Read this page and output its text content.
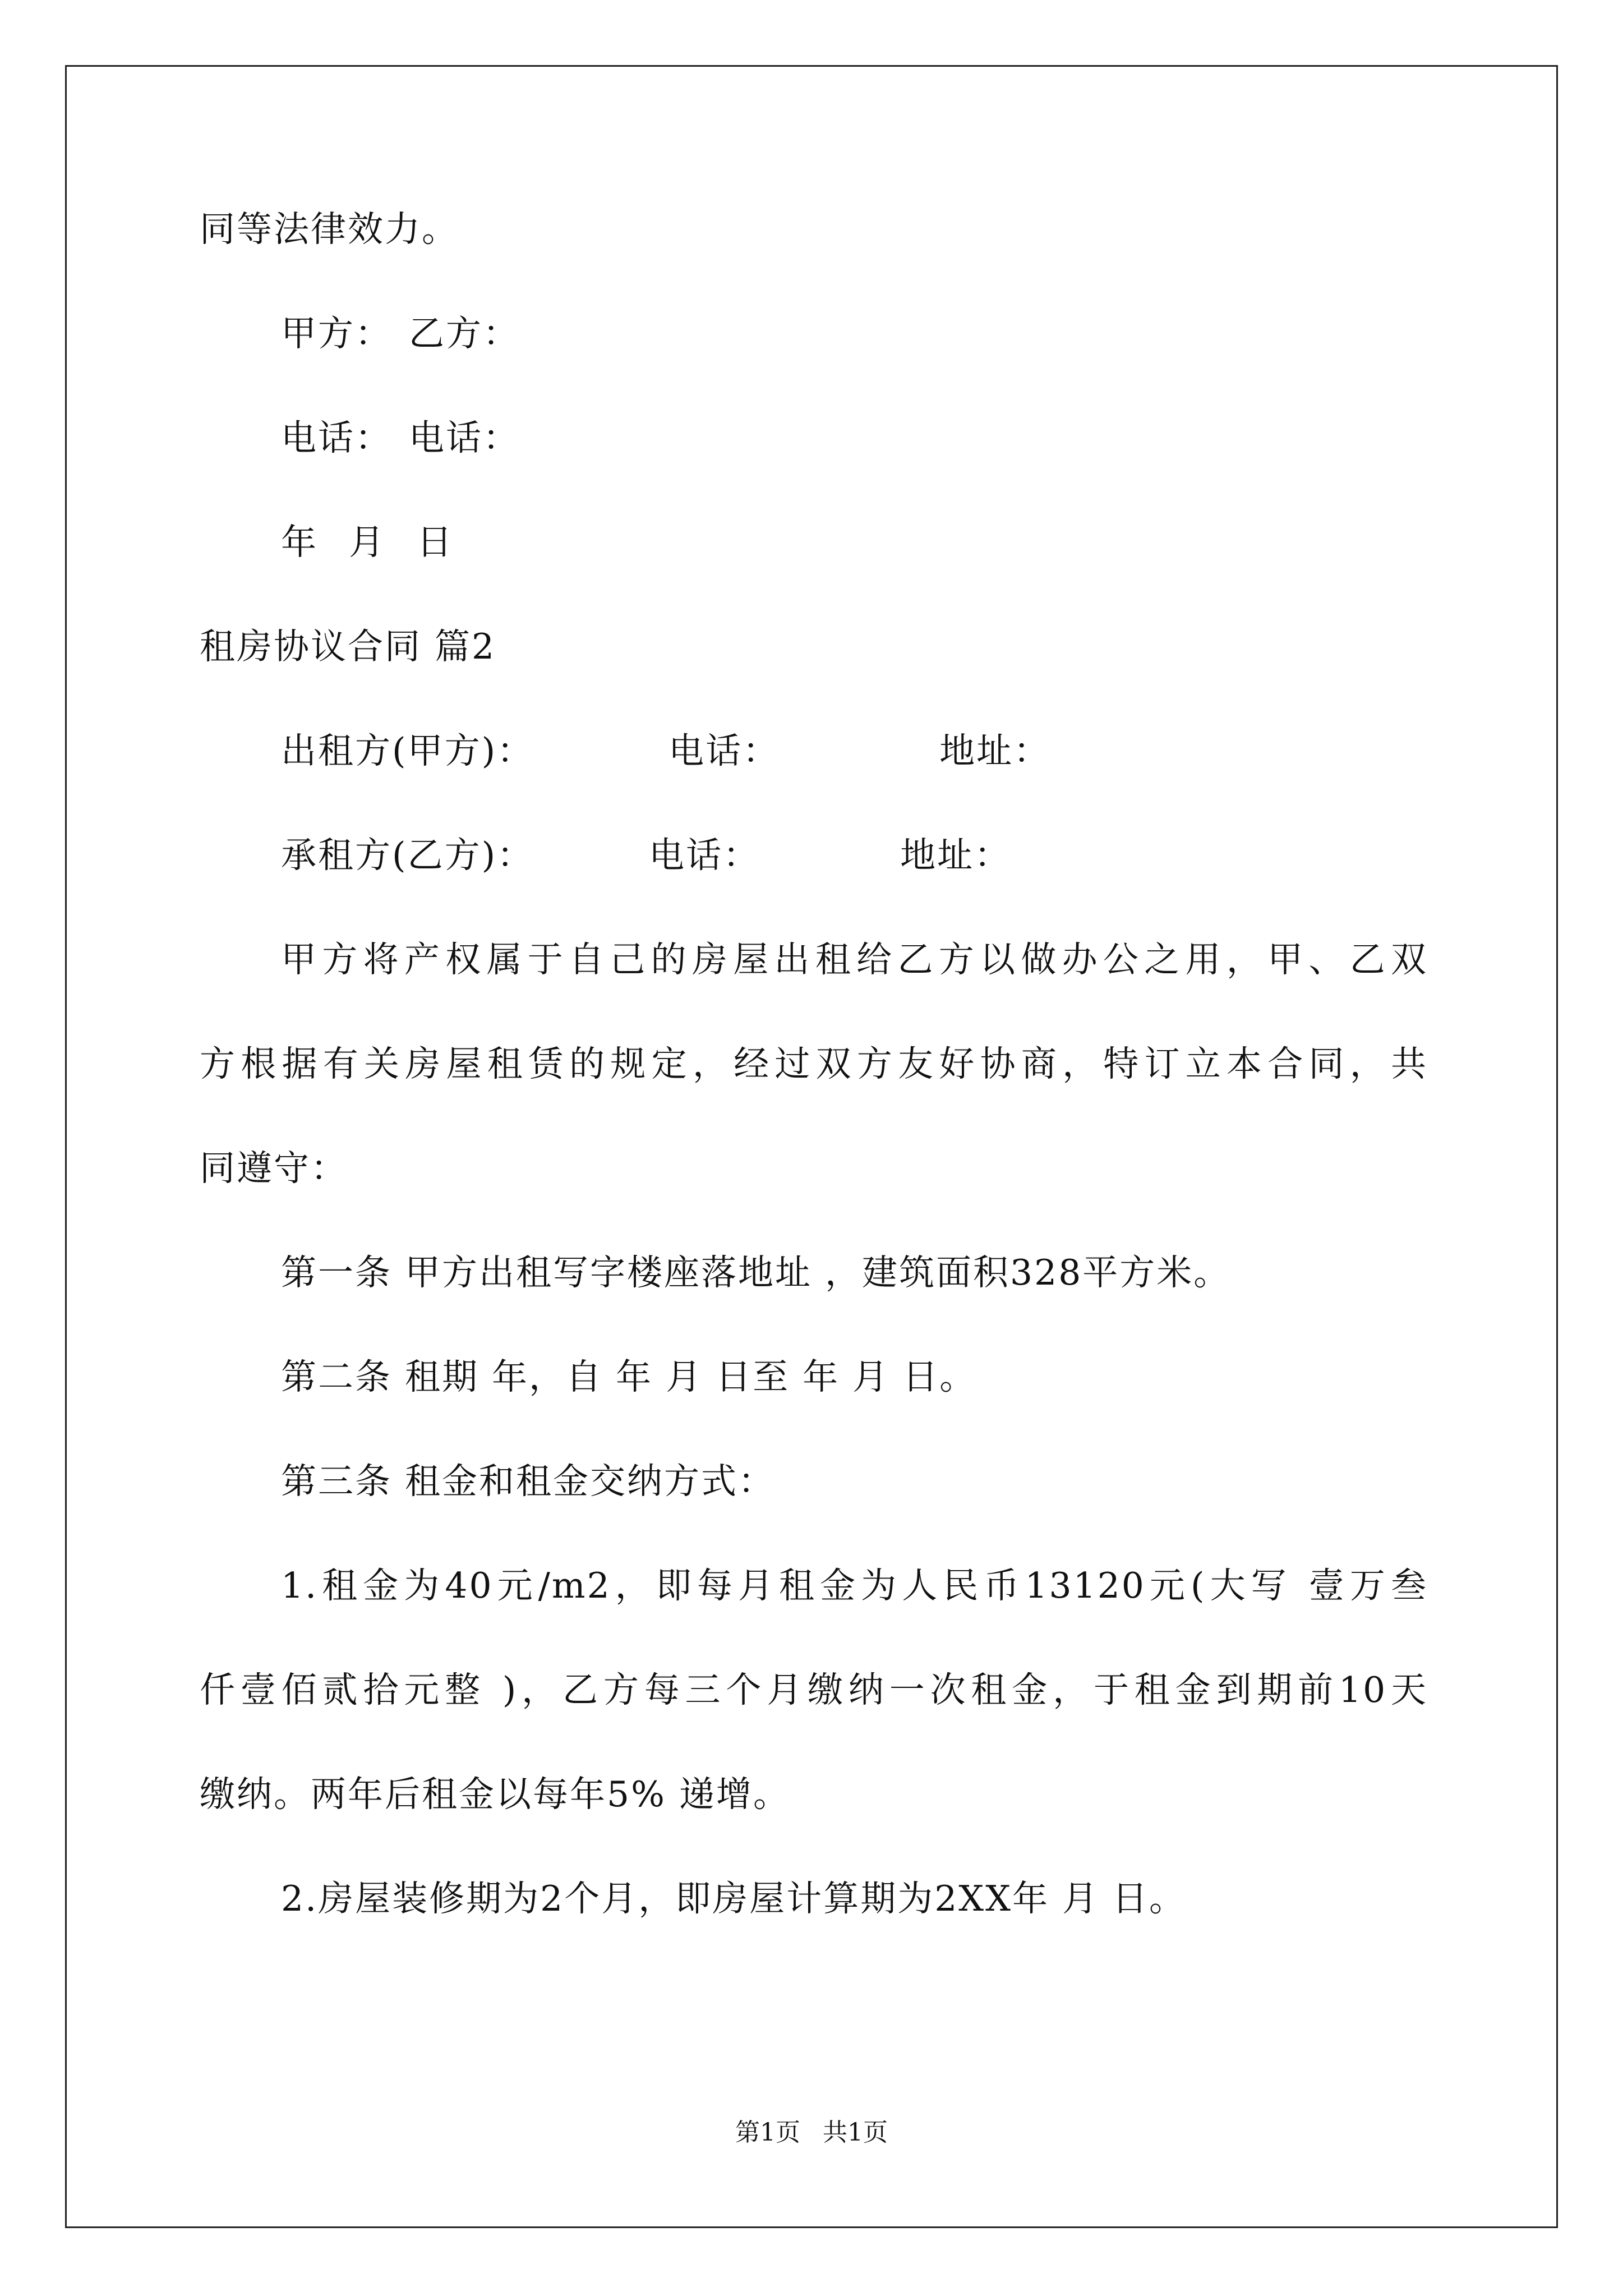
同等法律效力。
甲方： 乙方：
电话： 电话：
年 月 日
租房协议合同 篇2
出租方(甲方)：	电话：	地址：
承租方(乙方)：	电话：	地址：
甲方将产权属于自己的房屋出租给乙方以做办公之用，甲、乙双
方根据有关房屋租赁的规定，经过双方友好协商，特订立本合同，共
同遵守：
第一条 甲方出租写字楼座落地址 ，建筑面积328平方米。
第二条 租期 年，自 年 月 日至 年 月 日。
第三条 租金和租金交纳方式：
1.租金为40元/m2，即每月租金为人民币13120元(大写 壹万叁
仟壹佰贰拾元整 )，乙方每三个月缴纳一次租金，于租金到期前10天
缴纳。两年后租金以每年5% 递增。
2.房屋装修期为2个月，即房屋计算期为2XX年 月 日。
第1页 共1页
